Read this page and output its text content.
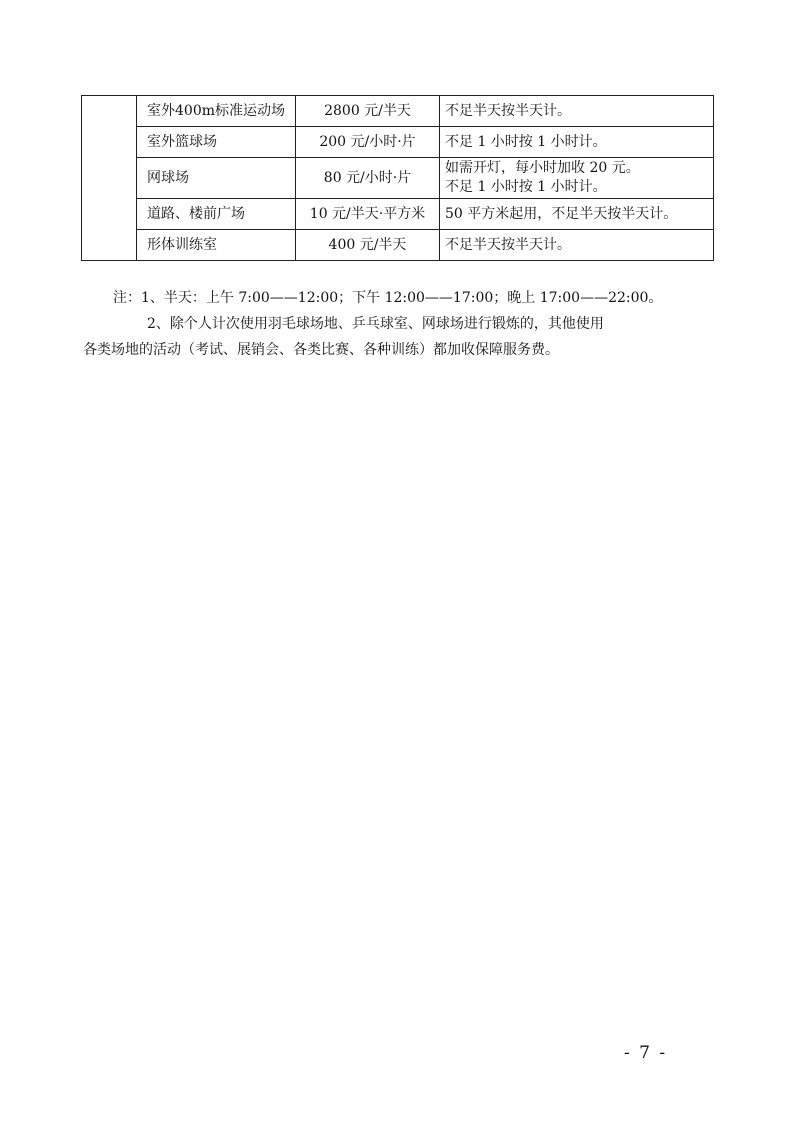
	室外400m标准运动场	2800 元/半天	不足半天按半天计。

	室外篮球场	200 元/小时·片	不足 1 小时按 1 小时计。

	网球场	80 元/小时·片	如需开灯，每小时加收 20 元。
不足 1 小时按 1 小时计。

	道路、楼前广场	10 元/半天·平方米	50 平方米起用，不足半天按半天计。

	形体训练室	400 元/半天	不足半天按半天计。
注：1、半天：上午 7:00——12:00；下午 12:00——17:00；晚上 17:00——22:00。
2、除个人计次使用羽毛球场地、乒乓球室、网球场进行锻炼的，其他使用
各类场地的活动（考试、展销会、各类比赛、各种训练）都加收保障服务费。
- 7 -
